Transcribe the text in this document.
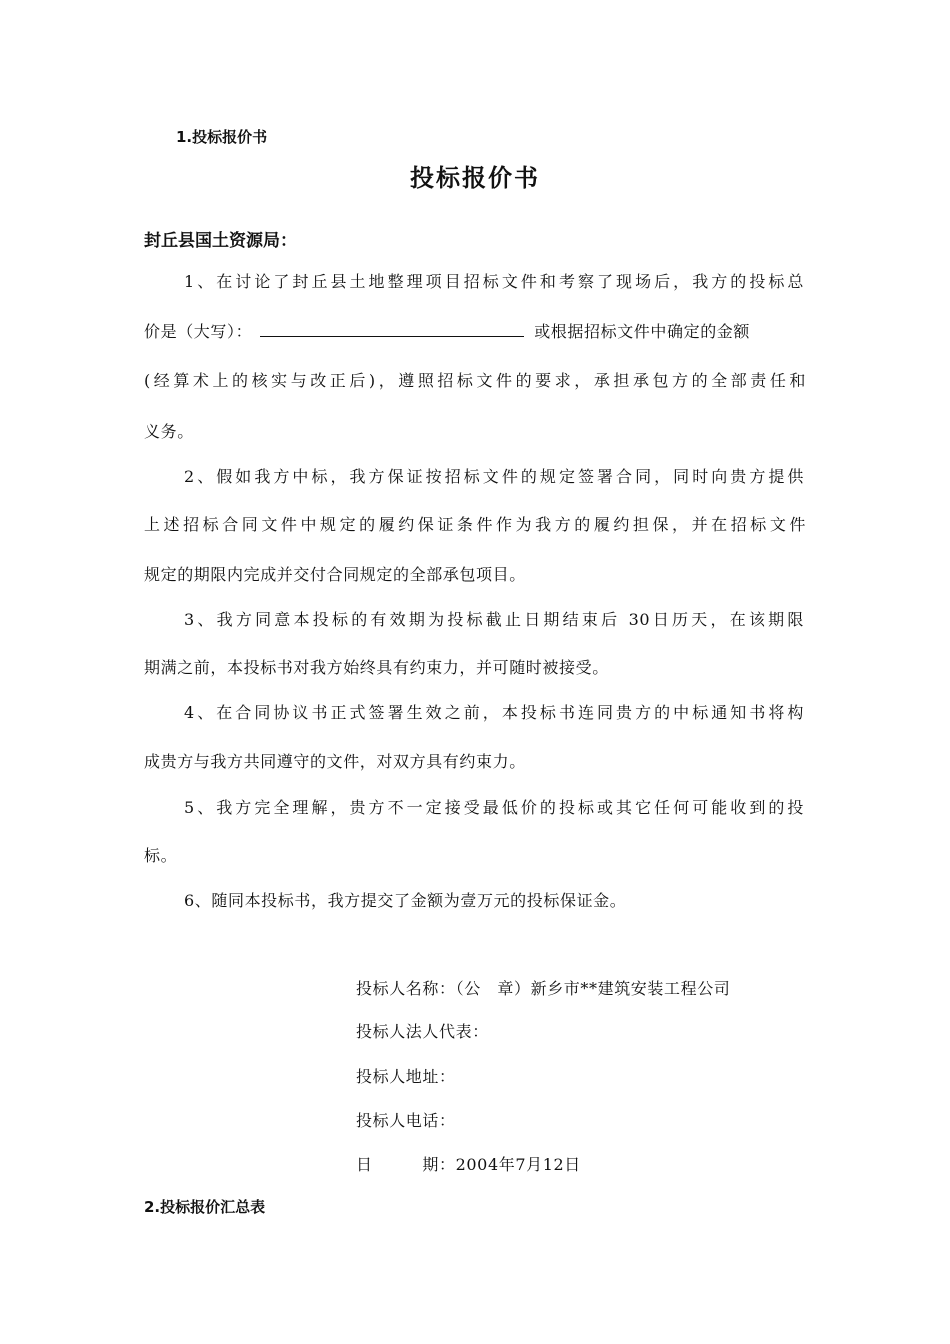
1.投标报价书
投标报价书
封丘县国土资源局：
1、在讨论了封丘县土地整理项目招标文件和考察了现场后，我方的投标总
价是（大写）：	或根据招标文件中确定的金额
(经算术上的核实与改正后)，遵照招标文件的要求，承担承包方的全部责任和
义务。
2、假如我方中标，我方保证按招标文件的规定签署合同，同时向贵方提供
上述招标合同文件中规定的履约保证条件作为我方的履约担保，并在招标文件
规定的期限内完成并交付合同规定的全部承包项目。
3、我方同意本投标的有效期为投标截止日期结束后 30日历天，在该期限
期满之前，本投标书对我方始终具有约束力，并可随时被接受。
4、在合同协议书正式签署生效之前，本投标书连同贵方的中标通知书将构
成贵方与我方共同遵守的文件，对双方具有约束力。
5、我方完全理解，贵方不一定接受最低价的投标或其它任何可能收到的投
标。
6、随同本投标书，我方提交了金额为壹万元的投标保证金。
投标人名称：（公　章）新乡市**建筑安装工程公司
投标人法人代表：
投标人地址：
投标人电话：
日　　　期：2004年7月12日
2.投标报价汇总表
